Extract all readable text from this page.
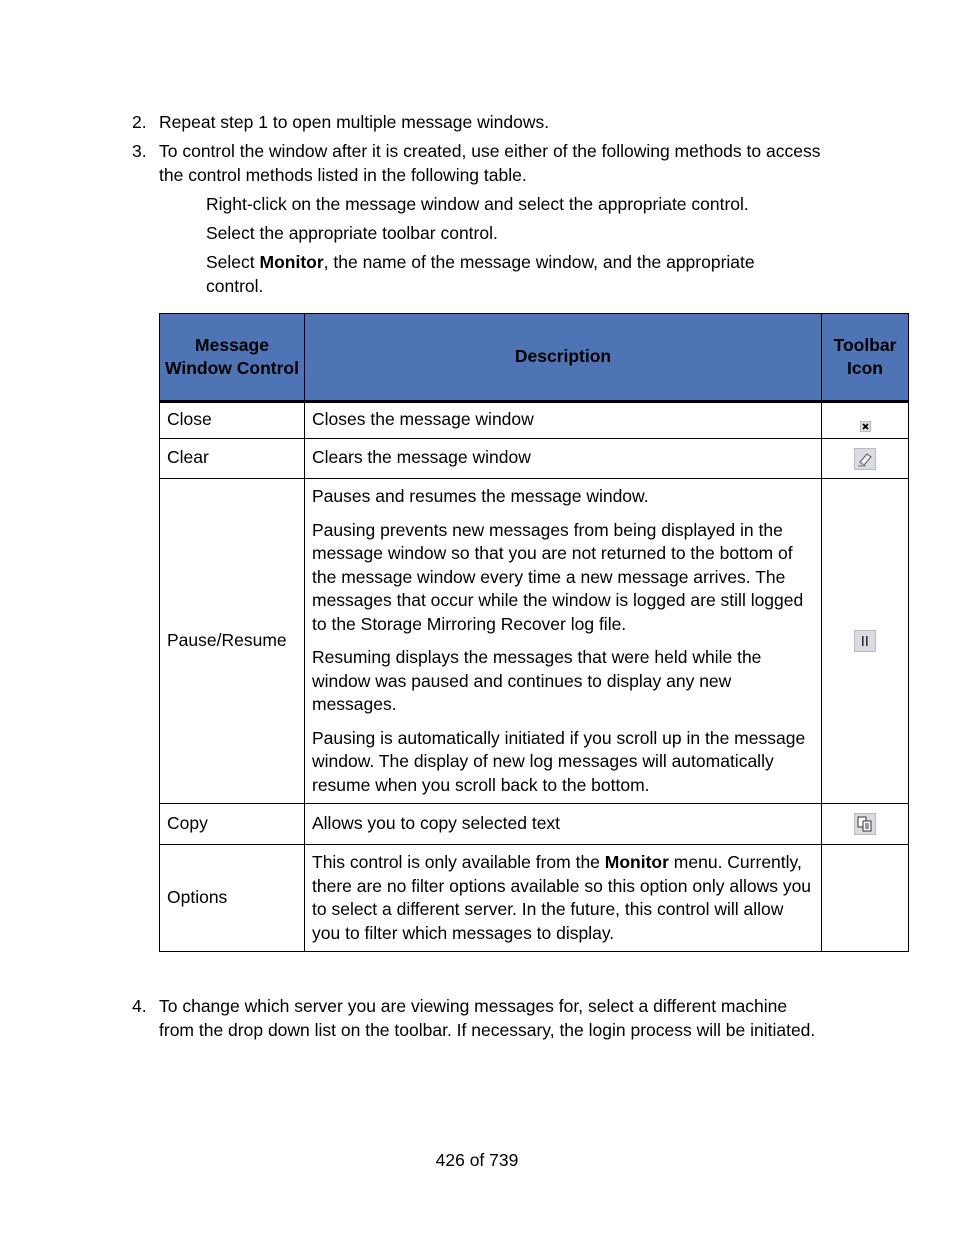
2. Repeat step 1 to open multiple message windows.
3. To control the window after it is created, use either of the following methods to access the control methods listed in the following table.

Right-click on the message window and select the appropriate control.

Select the appropriate toolbar control.

Select Monitor, the name of the message window, and the appropriate control.

Message Window Control	Description	Toolbar Icon
Close	Closes the message window	
Clear	Clears the message window	

Pause/Resume	Pauses and resumes the message window.

Pausing prevents new messages from being displayed in the message window so that you are not returned to the bottom of the message window every time a new message arrives. The messages that occur while the window is logged are still logged to the Storage Mirroring Recover log file.

Resuming displays the messages that were held while the window was paused and continues to display any new messages.

Pausing is automatically initiated if you scroll up in the message window. The display of new log messages will automatically resume when you scroll back to the bottom.

Copy	Allows you to copy selected text	

Options	This control is only available from the Monitor menu. Currently, there are no filter options available so this option only allows you to select a different server. In the future, this control will allow you to filter which messages to display.	
4. To change which server you are viewing messages for, select a different machine from the drop down list on the toolbar. If necessary, the login process will be initiated.
426 of 739
